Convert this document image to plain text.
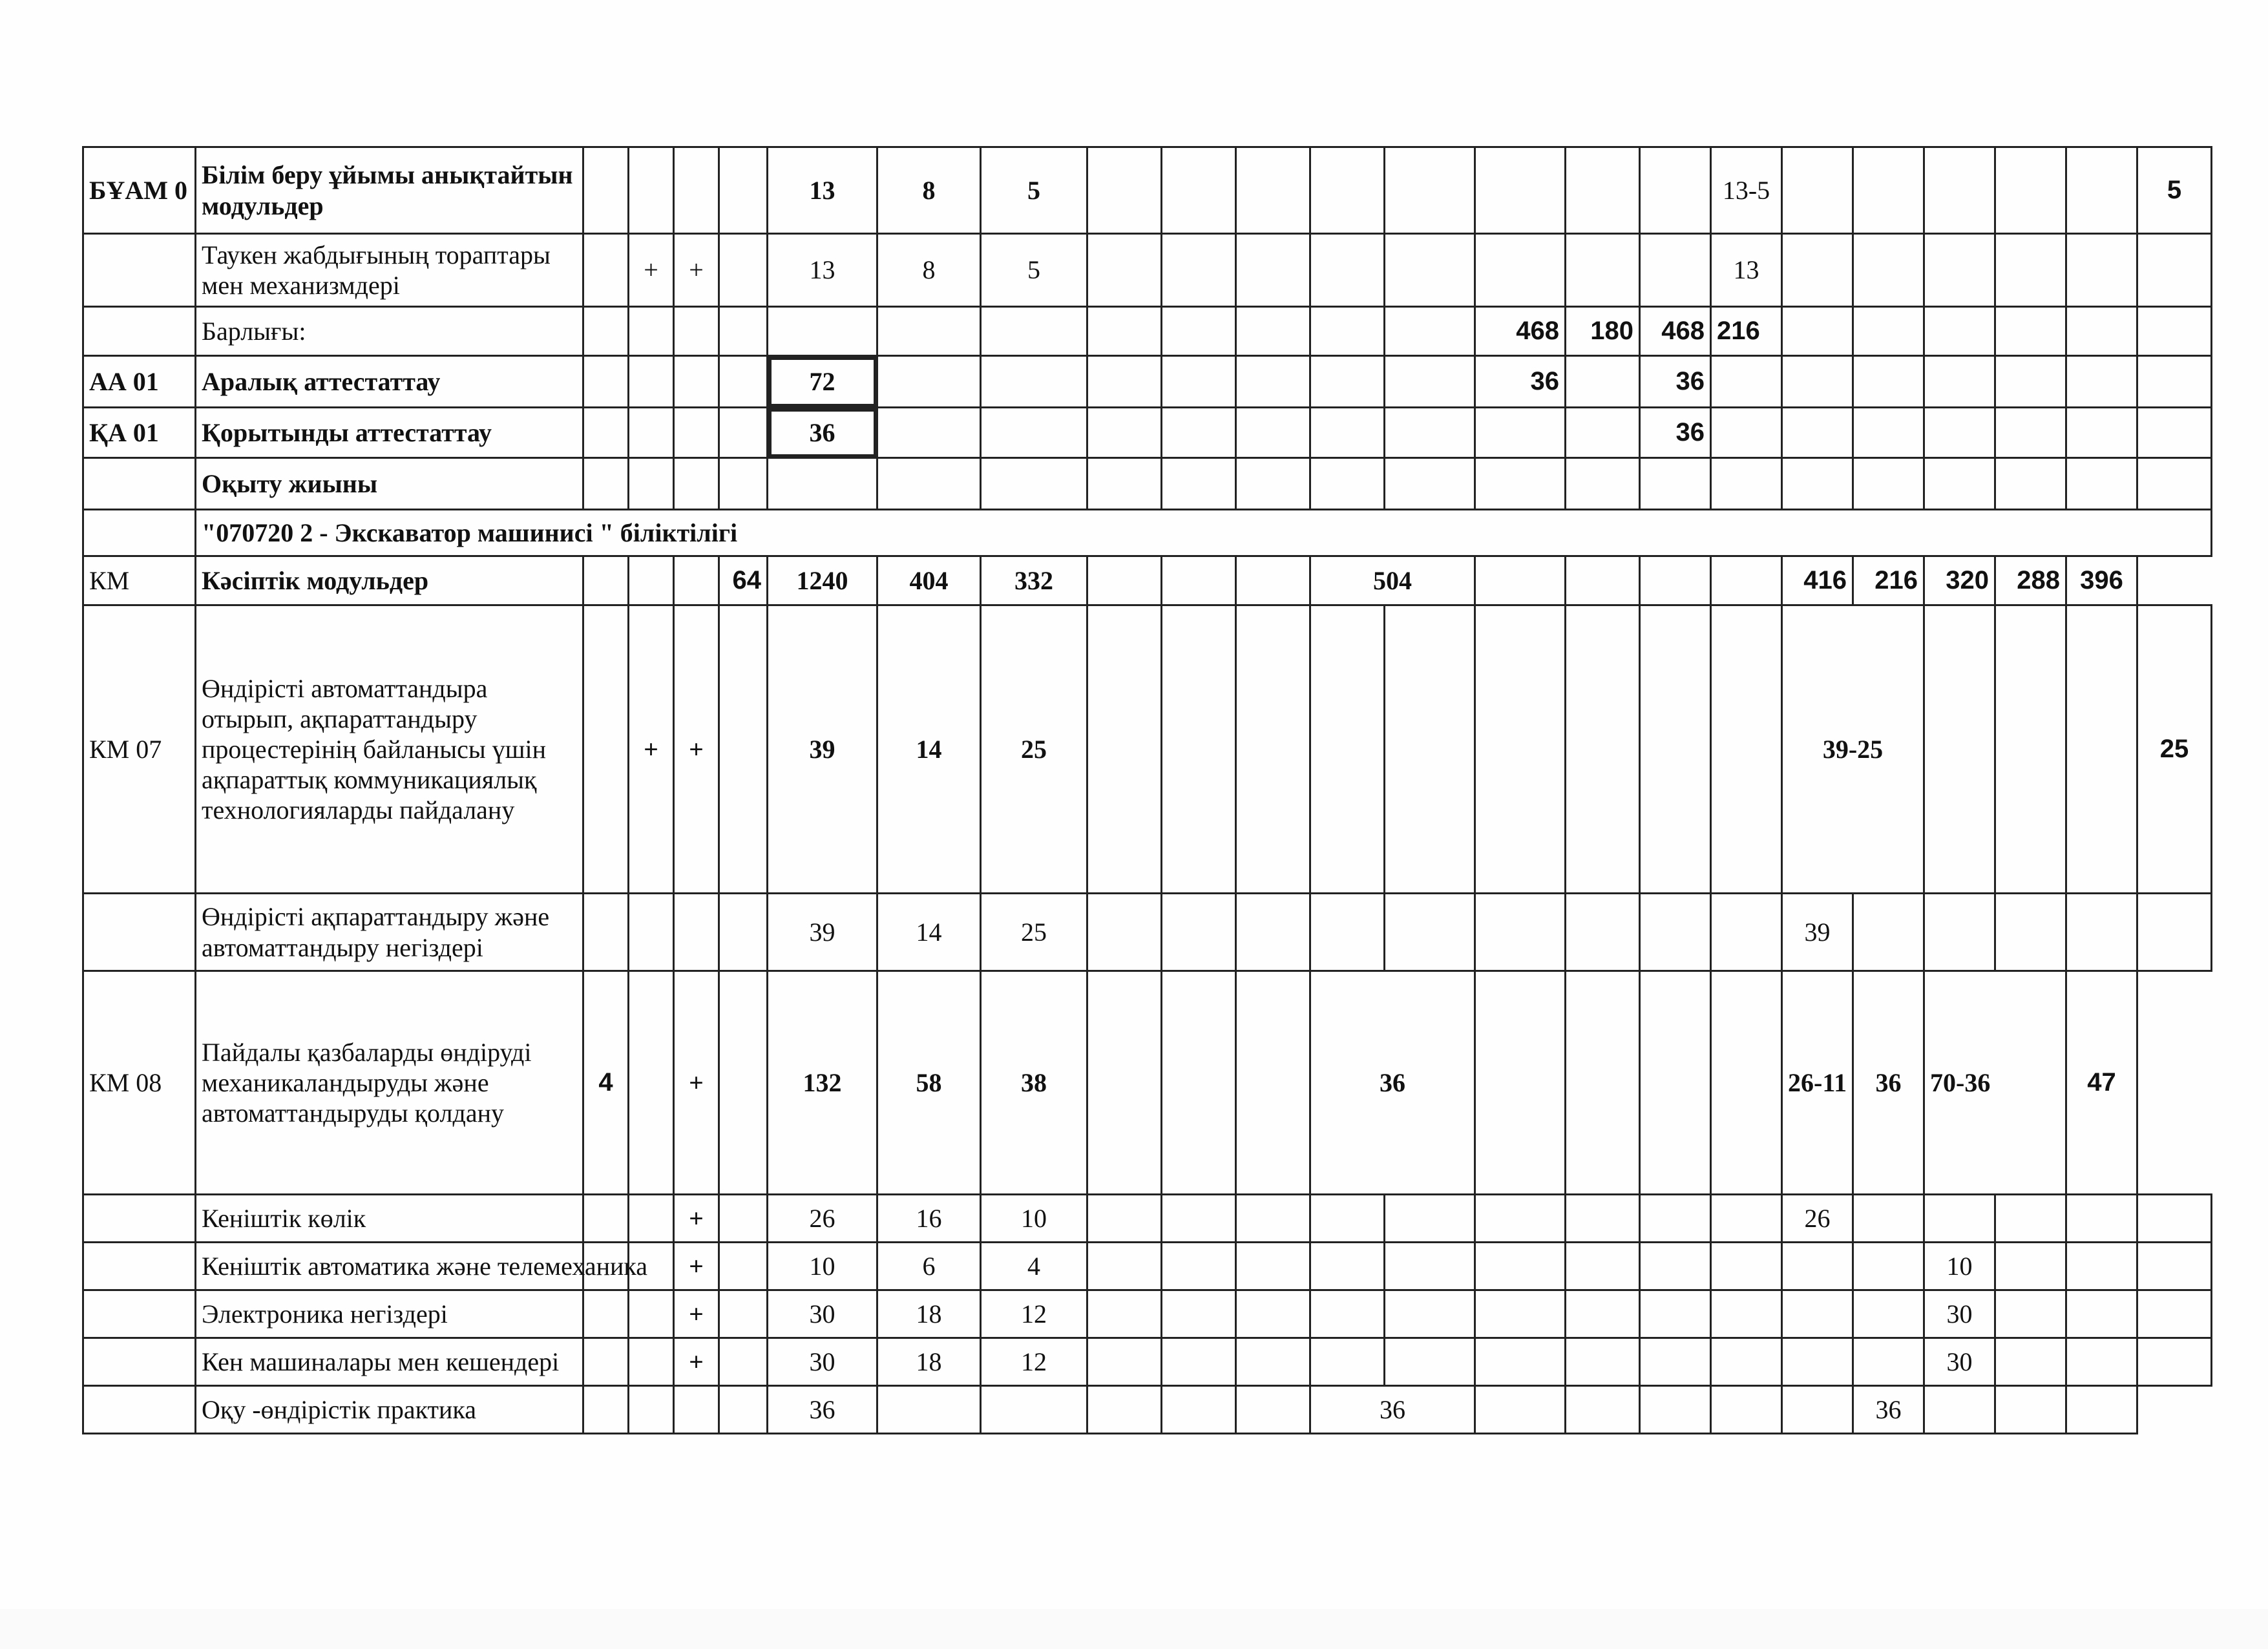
БҰАМ 0	Білім беру ұйымы анықтайтын модульдер					13	8	5									13-5						5
	Таукен жабдығының тораптары мен механизмдері		+	+		13	8	5									13						
	Барлығы:													468	180	468	216						
АА 01	Аралық аттестаттау					72								36		36							
ҚА 01	Қорытынды аттестаттау					36										36							
	Оқыту жиыны																						
	"070720 2 - Экскаватор машинисі " біліктілігі																						
КМ	Кәсіптік модульдер				64	1240	404	332				504						416	216	320	288	396	
КМ 07	Өндірісті автоматтандыра отырып, ақпараттандыру процестерінің байланысы үшін ақпараттық коммуникациялық технологияларды пайдалану		+	+		39	14	25										39-25					25
	Өндірісті ақпараттандыру және автоматтандыру негіздері					39	14	25										39					
КМ 08	Пайдалы қазбаларды өндіруді механикаландыруды және автоматтандыруды қолдану	4		+		132	58	38				36						26-11	36	70-36		47	
	Кеніштік көлік			+		26	16	10										26					
	Кеніштік автоматика және телемеханика			+		10	6	4												10			
	Электроника негіздері			+		30	18	12												30			
	Кен машиналары мен кешендері			+		30	18	12												30			
	Оқу -өндірістік практика					36						36							36				
